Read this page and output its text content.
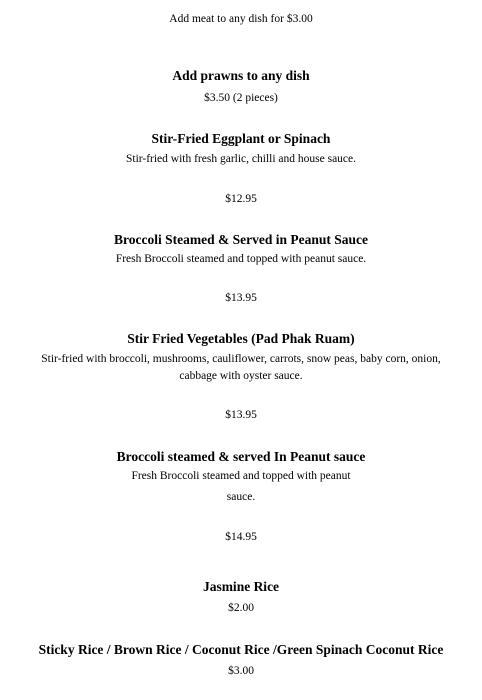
Add meat to any dish for $3.00
Add prawns to any dish
$3.50 (2 pieces)
Stir-Fried Eggplant or Spinach
Stir-fried with fresh garlic, chilli and house sauce.
$12.95
Broccoli Steamed & Served in Peanut Sauce
Fresh Broccoli steamed and topped with peanut sauce.
$13.95
Stir Fried Vegetables (Pad Phak Ruam)
Stir-fried with broccoli, mushrooms, cauliflower, carrots, snow peas, baby corn, onion,
cabbage with oyster sauce.
$13.95
Broccoli steamed & served In Peanut sauce
Fresh Broccoli steamed and topped with peanut
sauce.
$14.95
Jasmine Rice
$2.00
Sticky Rice / Brown Rice / Coconut Rice /Green Spinach Coconut Rice
$3.00
